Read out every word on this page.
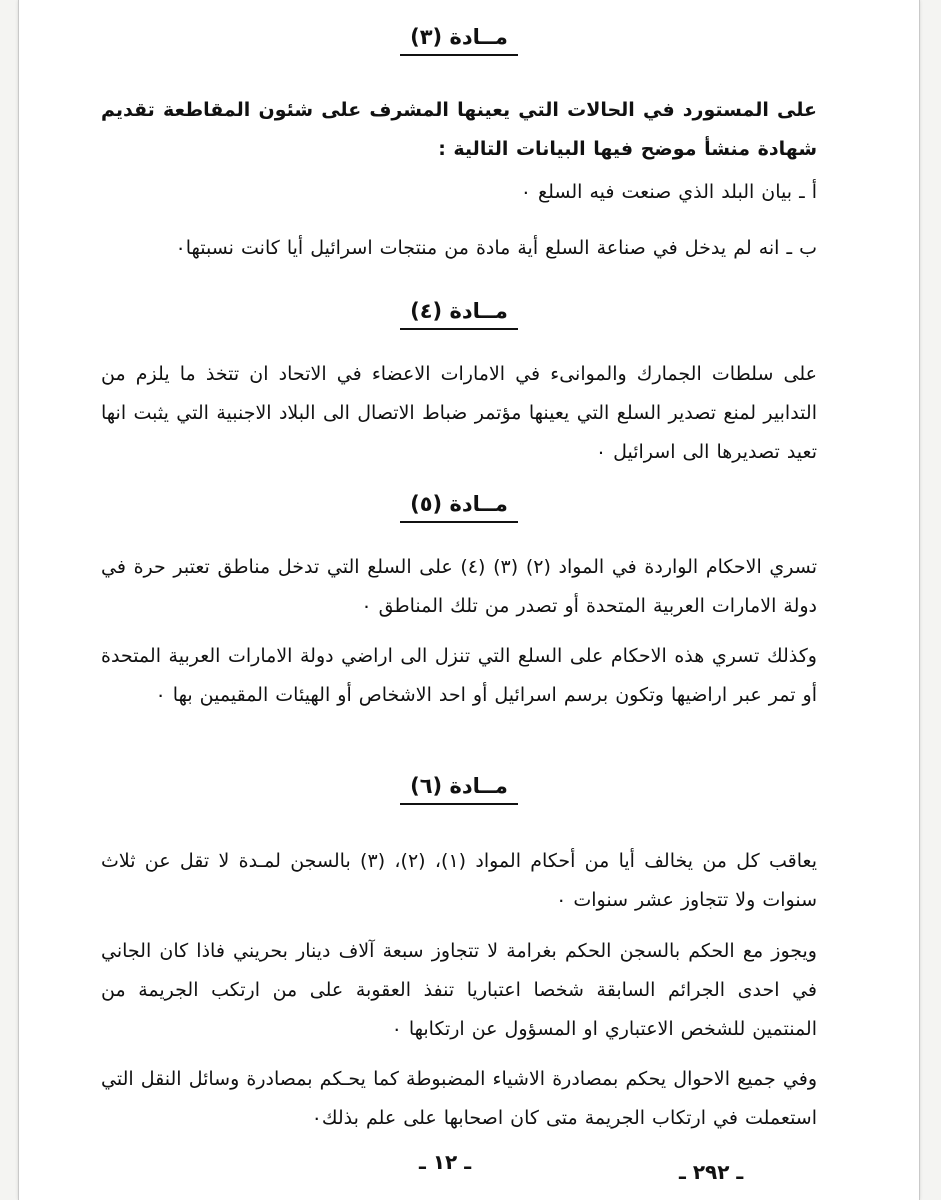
مــادة (٣)

على المستورد في الحالات التي يعينها المشرف على شئون المقاطعة تقديم شهادة منشأ موضح فيها البيانات التالية :

أ ـ بيان البلد الذي صنعت فيه السلع ٠

ب ـ انه لم يدخل في صناعة السلع أية مادة من منتجات اسرائيل أيا كانت نسبتها٠

مــادة (٤)

على سلطات الجمارك والموانىء في الامارات الاعضاء في الاتحاد ان تتخذ ما يلزم من التدابير لمنع تصدير السلع التي يعينها مؤتمر ضباط الاتصال الى البلاد الاجنبية التي يثبت انها تعيد تصديرها الى اسرائيل ٠

مــادة (٥)

تسري الاحكام الواردة في المواد (٢) (٣) (٤) على السلع التي تدخل مناطق تعتبر حرة في دولة الامارات العربية المتحدة أو تصدر من تلك المناطق ٠

وكذلك تسري هذه الاحكام على السلع التي تنزل الى اراضي دولة الامارات العربية المتحدة أو تمر عبر اراضيها وتكون برسم اسرائيل أو احد الاشخاص أو الهيئات المقيمين بها ٠

مــادة (٦)

يعاقب كل من يخالف أيا من أحكام المواد (١)، (٢)، (٣) بالسجن لمـدة لا تقل عن ثلاث سنوات ولا تتجاوز عشر سنوات ٠

ويجوز مع الحكم بالسجن الحكم بغرامة لا تتجاوز سبعة آلاف دينار بحريني فاذا كان الجاني في احدى الجرائم السابقة شخصا اعتباريا تنفذ العقوبة على من ارتكب الجريمة من المنتمين للشخص الاعتباري او المسؤول عن ارتكابها ٠

وفي جميع الاحوال يحكم بمصادرة الاشياء المضبوطة كما يحـكم بمصادرة وسائل النقل التي استعملت في ارتكاب الجريمة متى كان اصحابها على علم بذلك٠

ـ ١٢ ـ	ـ ٢٩٢ ـ
